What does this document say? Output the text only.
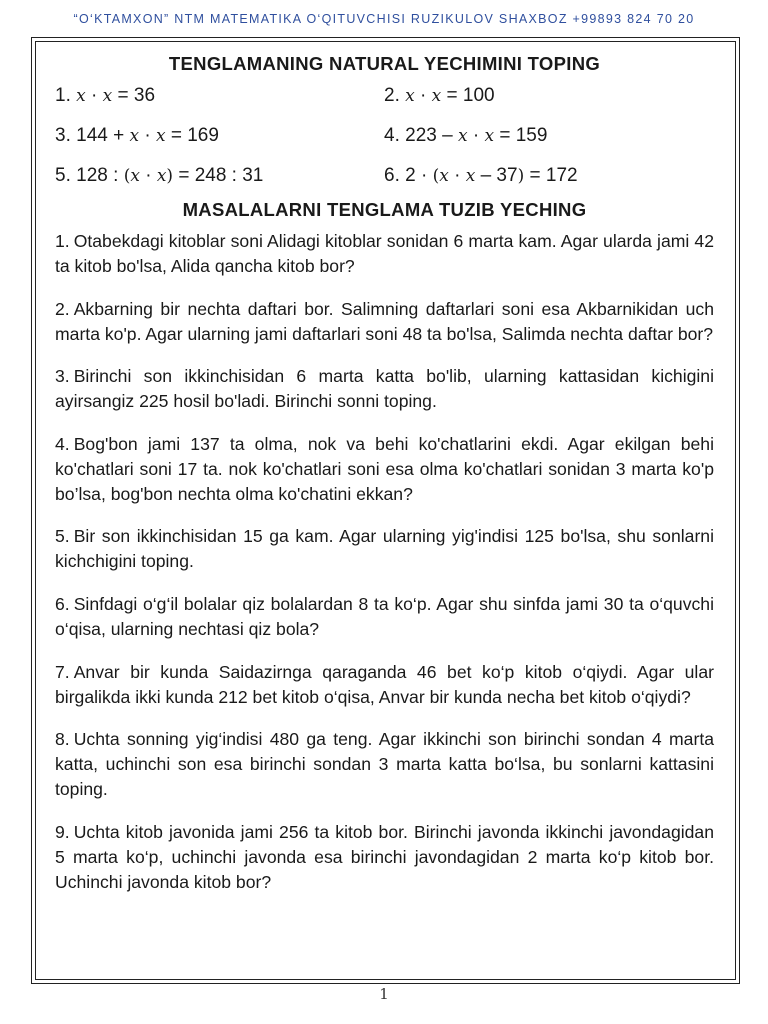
“O‘KTAMXON” NTM MATEMATIKA O‘QITUVCHISI RUZIKULOV SHAXBOZ +99893 824 70 20
TENGLAMANING NATURAL YECHIMINI TOPING
1. x · x = 36	2. x · x = 100
3. 144 + x · x = 169	4. 223 – x · x = 159
5. 128 : (x · x) = 248 : 31	6. 2 · (x · x – 37) = 172
MASALALARNI TENGLAMA TUZIB YECHING

1. Otabekdagi kitoblar soni Alidagi kitoblar sonidan 6 marta kam. Agar ularda jami 42 ta kitob bo'lsa, Alida qancha kitob bor?

2. Akbarning bir nechta daftari bor. Salimning daftarlari soni esa Akbarnikidan uch marta ko'p. Agar ularning jami daftarlari soni 48 ta bo'lsa, Salimda nechta daftar bor?

3. Birinchi son ikkinchisidan 6 marta katta bo'lib, ularning kattasidan kichigini ayirsangiz 225 hosil bo'ladi. Birinchi sonni toping.

4. Bog'bon jami 137 ta olma, nok va behi ko'chatlarini ekdi. Agar ekilgan behi ko'chatlari soni 17 ta. nok ko'chatlari soni esa olma ko'chatlari sonidan 3 marta ko'p bo’lsa, bog'bon nechta olma ko'chatini ekkan?

5. Bir son ikkinchisidan 15 ga kam. Agar ularning yig'indisi 125 bo'lsa, shu sonlarni kichchigini toping.

6. Sinfdagi o‘g‘il bolalar qiz bolalardan 8 ta ko‘p. Agar shu sinfda jami 30 ta o‘quvchi o‘qisa, ularning nechtasi qiz bola?

7. Anvar bir kunda Saidazirnga qaraganda 46 bet ko‘p kitob o‘qiydi. Agar ular birgalikda ikki kunda 212 bet kitob o‘qisa, Anvar bir kunda necha bet kitob o‘qiydi?

8. Uchta sonning yig‘indisi 480 ga teng. Agar ikkinchi son birinchi sondan 4 marta katta, uchinchi son esa birinchi sondan 3 marta katta bo‘lsa, bu sonlarni kattasini toping.

9. Uchta kitob javonida jami 256 ta kitob bor. Birinchi javonda ikkinchi javondagidan 5 marta ko‘p, uchinchi javonda esa birinchi javondagidan 2 marta ko‘p kitob bor. Uchinchi javonda kitob bor?

1
